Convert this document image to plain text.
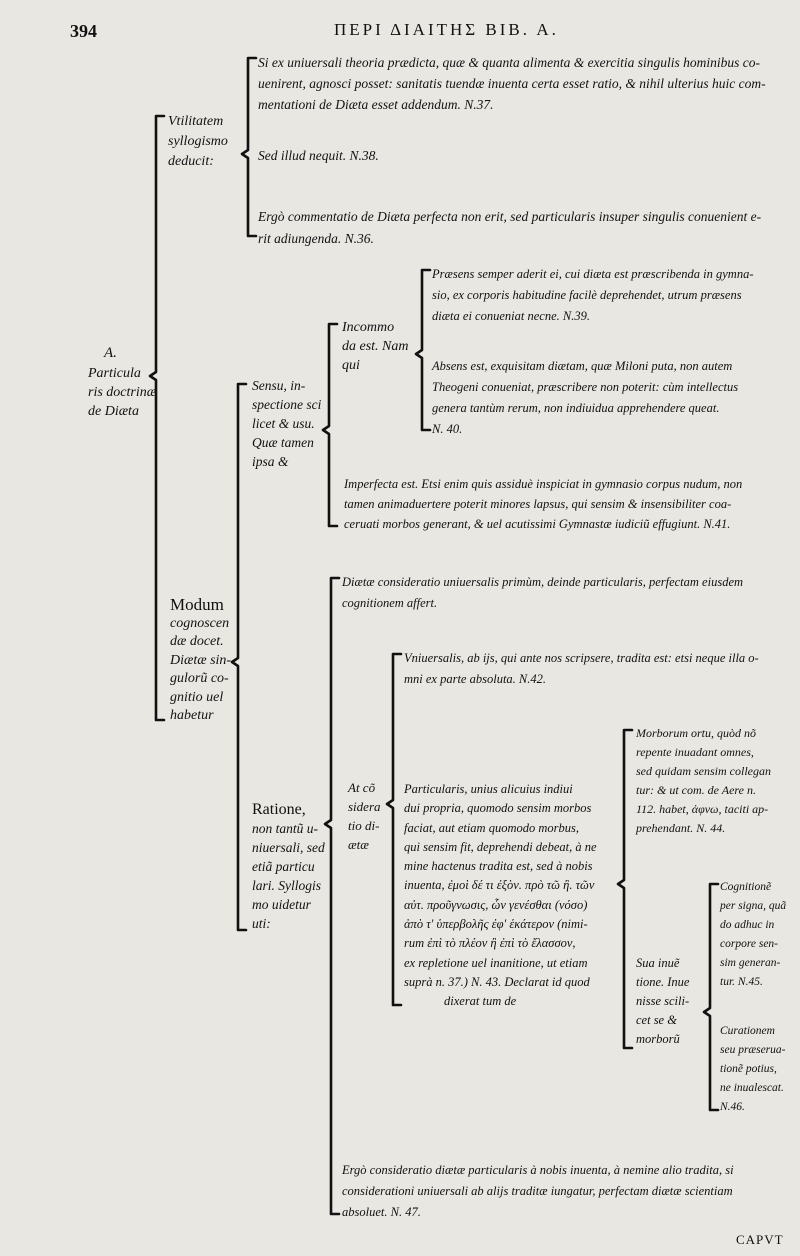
394	ΠΕΡΙ ΔΙΑΙΤΗΣ ΒΙΒ. Α.
A.
Particula
ris doctrinæ
de Diæta
Vtilitatem
syllogismo
deducit:
Si ex uniuersali theoria prædicta, quæ & quanta alimenta & exercitia singulis hominibus co-
uenirent, agnosci posset: sanitatis tuendæ inuenta certa esset ratio, & nihil ulterius huic com-
mentationi de Diæta esset addendum. N.37.
Sed illud nequit. N.38.
Ergò commentatio de Diæta perfecta non erit, sed particularis insuper singulis conuenient e-
rit adiungenda. N.36.
Modum
cognoscen
dæ docet.
Diætæ sin-
gulorũ co-
gnitio uel
habetur
Sensu, in-
spectione sci
licet & usu.
Quæ tamen
ipsa &
Incommo
da est. Nam
qui
Præsens semper aderit ei, cui diæta est præscribenda in gymna-
sio, ex corporis habitudine facilè deprehendet, utrum præsens
diæta ei conueniat necne. N.39.
Absens est, exquisitam diætam, quæ Miloni puta, non autem
Theogeni conueniat, præscribere non poterit: cùm intellectus
genera tantùm rerum, non indiuidua apprehendere queat.
N. 40.
Imperfecta est. Etsi enim quis assiduè inspiciat in gymnasio corpus nudum, non
tamen animaduertere poterit minores lapsus, qui sensim & insensibiliter coa-
ceruati morbos generant, & uel acutissimi Gymnastæ iudiciũ effugiunt. N.41.
Ratione,
non tantũ u-
niuersali, sed
etiã particu
lari. Syllogis
mo uidetur
uti:
Diætæ consideratio uniuersalis primùm, deinde particularis, perfectam eiusdem
cognitionem affert.
At cõ
sidera
tio di-
ætæ
Vniuersalis, ab ijs, qui ante nos scripsere, tradita est: etsi neque illa o-
mni ex parte absoluta. N.42.
Particularis, unius alicuius indiui
dui propria, quomodo sensim morbos
faciat, aut etiam quomodo morbus,
qui sensim fit, deprehendi debeat, à ne
mine hactenus tradita est, sed à nobis
inuenta, ἐμοὶ δέ τι ἐξὸν. πρὸ τῶ ἢ. τῶν
αὐτ. προῦγνωσις, ὧν γενέσθαι (νόσο)
ἀπὸ τ' ὑπερβολῆς ἐφ' ἑκάτερον (nimi-
rum ἐπὶ τὸ πλέον ἢ ἐπὶ τὸ ἔλασσον,
ex repletione uel inanitione, ut etiam
suprà n. 37.) N. 43. Declarat id quod
dixerat tum de
Morborum ortu, quòd nõ
repente inuadant omnes,
sed quidam sensim collegan
tur: & ut com. de Aere n.
112. habet, ἀφνω, taciti ap-
prehendant. N. 44.
Sua inuẽ
tione. Inue
nisse scili-
cet se &
morborũ
Cognitionẽ
per signa, quã
do adhuc in
corpore sen-
sim generan-
tur. N.45.
Curationem
seu præserua-
tionẽ potius,
ne inualescat.
N.46.
Ergò consideratio diætæ particularis à nobis inuenta, à nemine alio tradita, si
considerationi uniuersali ab alijs traditæ iungatur, perfectam diætæ scientiam
absoluet. N. 47.
CAPVT
